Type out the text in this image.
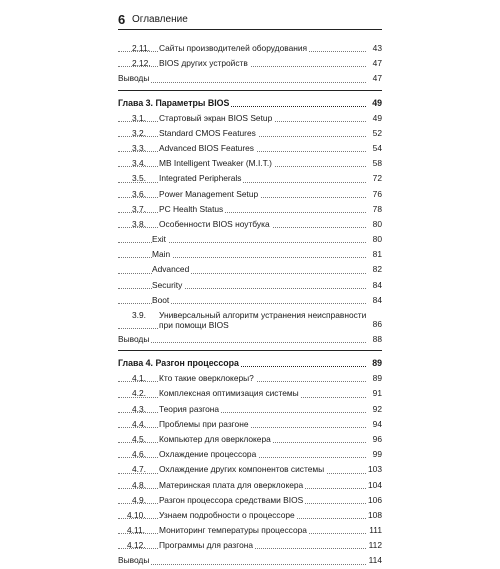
6 Оглавление
2.11. Сайты производителей оборудования	43
2.12. BIOS других устройств	47
Выводы	47
Глава 3. Параметры BIOS	49
3.1. Стартовый экран BIOS Setup	49
3.2. Standard CMOS Features	52
3.3. Advanced BIOS Features	54
3.4. MB Intelligent Tweaker (M.I.T.)	58
3.5. Integrated Peripherals	72
3.6. Power Management Setup	76
3.7. PC Health Status	78
3.8. Особенности BIOS ноутбука	80
Exit	80
Main	81
Advanced	82
Security	84
Boot	84
3.9. Универсальный алгоритм устранения неисправности
при помощи BIOS	86
Выводы	88
Глава 4. Разгон процессора	89
4.1. Кто такие оверклокеры?	89
4.2. Комплексная оптимизация системы	91
4.3. Теория разгона	92
4.4. Проблемы при разгоне	94
4.5. Компьютер для оверклокера	96
4.6. Охлаждение процессора	99
4.7. Охлаждение других компонентов системы	103
4.8. Материнская плата для оверклокера	104
4.9. Разгон процессора средствами BIOS	106
4.10. Узнаем подробности о процессоре	108
4.11. Мониторинг температуры процессора	111
4.12. Программы для разгона	112
Выводы	114
